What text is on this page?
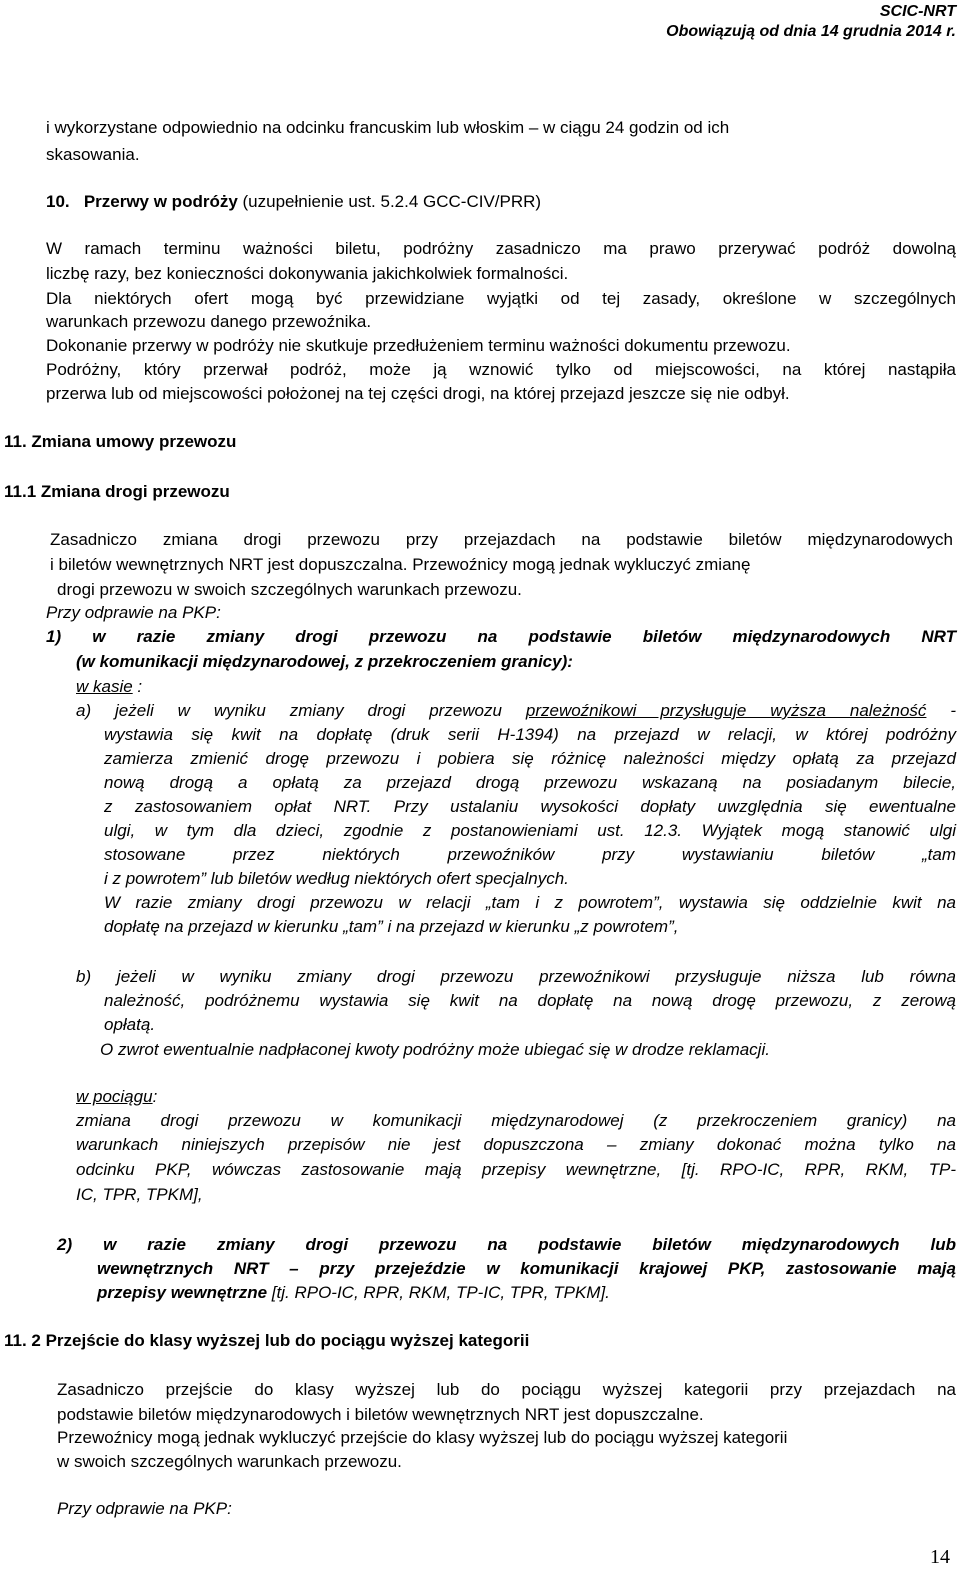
SCIC-NRT
Obowiązują od dnia 14 grudnia 2014 r.
i wykorzystane odpowiednio na odcinku francuskim lub włoskim – w ciągu 24 godzin od ich
skasowania.
10. Przerwy w podróży (uzupełnienie ust. 5.2.4 GCC-CIV/PRR)
W ramach terminu ważności biletu, podróżny zasadniczo ma prawo przerywać podróż dowolną
liczbę razy, bez konieczności dokonywania jakichkolwiek formalności.
Dla niektórych ofert mogą być przewidziane wyjątki od tej zasady, określone w szczególnych
warunkach przewozu danego przewoźnika.
Dokonanie przerwy w podróży nie skutkuje przedłużeniem terminu ważności dokumentu przewozu.
Podróżny, który przerwał podróż, może ją wznowić tylko od miejscowości, na której nastąpiła
przerwa lub od miejscowości położonej na tej części drogi, na której przejazd jeszcze się nie odbył.
11. Zmiana umowy przewozu
11.1 Zmiana drogi przewozu
Zasadniczo zmiana drogi przewozu przy przejazdach na podstawie biletów międzynarodowych
i biletów wewnętrznych NRT jest dopuszczalna. Przewoźnicy mogą jednak wykluczyć zmianę
drogi przewozu w swoich szczególnych warunkach przewozu.
Przy odprawie na PKP:
1) w razie zmiany drogi przewozu na podstawie biletów międzynarodowych NRT
(w komunikacji międzynarodowej, z przekroczeniem granicy):
w kasie :
a) jeżeli w wyniku zmiany drogi przewozu przewoźnikowi przysługuje wyższa należność -
wystawia się kwit na dopłatę (druk serii H-1394) na przejazd w relacji, w której podróżny
zamierza zmienić drogę przewozu i pobiera się różnicę należności między opłatą za przejazd
nową drogą a opłatą za przejazd drogą przewozu wskazaną na posiadanym bilecie,
z zastosowaniem opłat NRT. Przy ustalaniu wysokości dopłaty uwzględnia się ewentualne
ulgi, w tym dla dzieci, zgodnie z postanowieniami ust. 12.3. Wyjątek mogą stanowić ulgi
stosowane przez niektórych przewoźników przy wystawianiu biletów „tam
i z powrotem” lub biletów według niektórych ofert specjalnych.
W razie zmiany drogi przewozu w relacji „tam i z powrotem”, wystawia się oddzielnie kwit na
dopłatę na przejazd w kierunku „tam” i na przejazd w kierunku „z powrotem”,
b) jeżeli w wyniku zmiany drogi przewozu przewoźnikowi przysługuje niższa lub równa
należność, podróżnemu wystawia się kwit na dopłatę na nową drogę przewozu, z zerową
opłatą.
O zwrot ewentualnie nadpłaconej kwoty podróżny może ubiegać się w drodze reklamacji.
w pociągu:
zmiana drogi przewozu w komunikacji międzynarodowej (z przekroczeniem granicy) na
warunkach niniejszych przepisów nie jest dopuszczona – zmiany dokonać można tylko na
odcinku PKP, wówczas zastosowanie mają przepisy wewnętrzne, [tj. RPO-IC, RPR, RKM, TP-
IC, TPR, TPKM],
2) w razie zmiany drogi przewozu na podstawie biletów międzynarodowych lub
wewnętrznych NRT – przy przejeździe w komunikacji krajowej PKP, zastosowanie mają
przepisy wewnętrzne [tj. RPO-IC, RPR, RKM, TP-IC, TPR, TPKM].
11. 2 Przejście do klasy wyższej lub do pociągu wyższej kategorii
Zasadniczo przejście do klasy wyższej lub do pociągu wyższej kategorii przy przejazdach na
podstawie biletów międzynarodowych i biletów wewnętrznych NRT jest dopuszczalne.
Przewoźnicy mogą jednak wykluczyć przejście do klasy wyższej lub do pociągu wyższej kategorii
w swoich szczególnych warunkach przewozu.
Przy odprawie na PKP:
14
